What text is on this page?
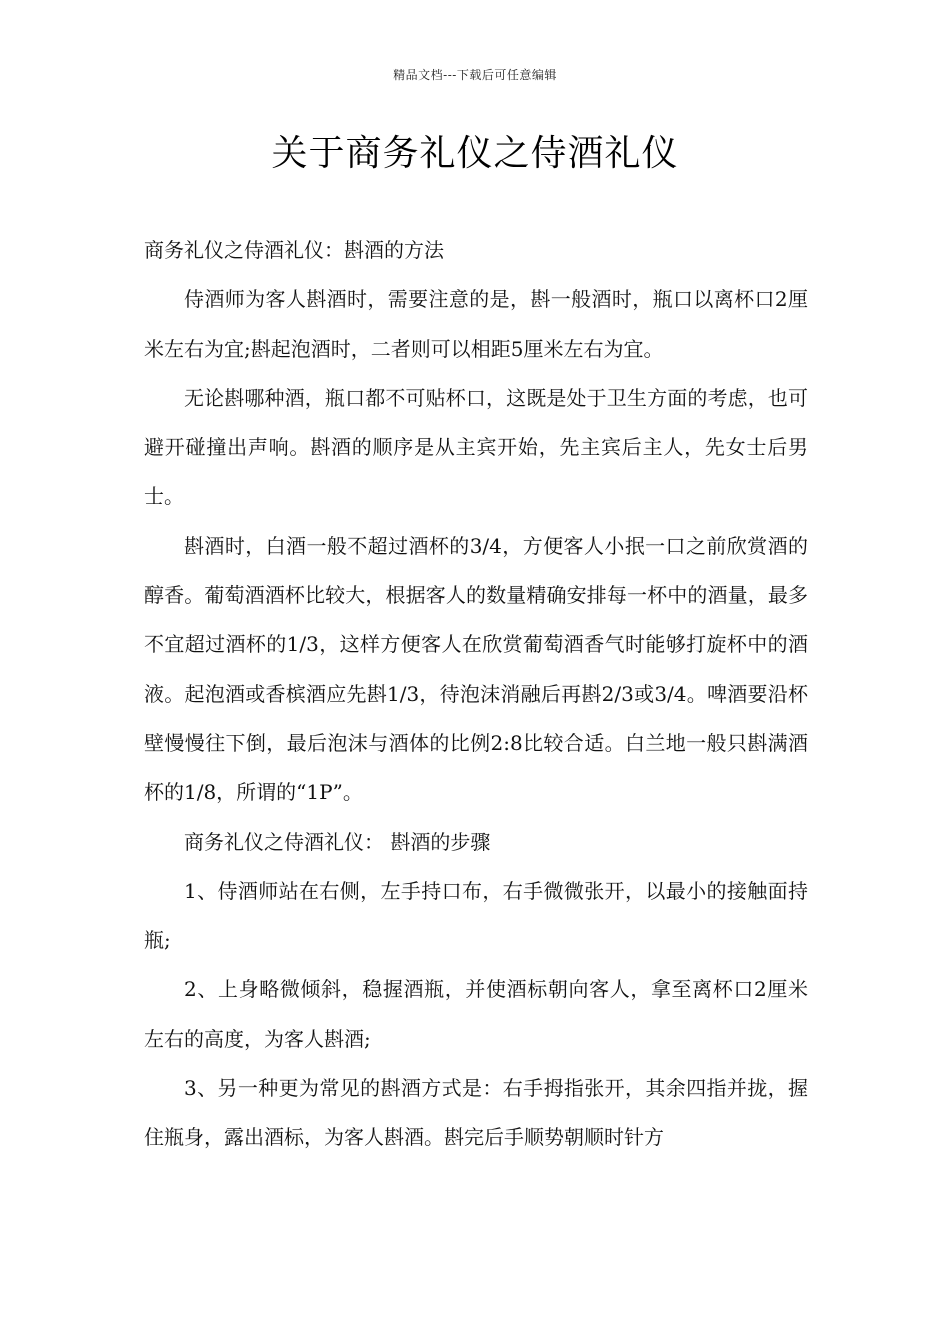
精品文档---下载后可任意编辑
关于商务礼仪之侍酒礼仪

商务礼仪之侍酒礼仪：斟酒的方法

侍酒师为客人斟酒时，需要注意的是，斟一般酒时，瓶口以离杯口2厘米左右为宜;斟起泡酒时，二者则可以相距5厘米左右为宜。

无论斟哪种酒，瓶口都不可贴杯口，这既是处于卫生方面的考虑，也可避开碰撞出声响。斟酒的顺序是从主宾开始，先主宾后主人，先女士后男士。

斟酒时，白酒一般不超过酒杯的3/4，方便客人小抿一口之前欣赏酒的醇香。葡萄酒酒杯比较大，根据客人的数量精确安排每一杯中的酒量，最多不宜超过酒杯的1/3，这样方便客人在欣赏葡萄酒香气时能够打旋杯中的酒液。起泡酒或香槟酒应先斟1/3，待泡沫消融后再斟2/3或3/4。啤酒要沿杯壁慢慢往下倒，最后泡沫与酒体的比例2:8比较合适。白兰地一般只斟满酒杯的1/8，所谓的“1P”。

商务礼仪之侍酒礼仪： 斟酒的步骤

1、侍酒师站在右侧，左手持口布，右手微微张开，以最小的接触面持瓶;

2、上身略微倾斜，稳握酒瓶，并使酒标朝向客人，拿至离杯口2厘米左右的高度，为客人斟酒;

3、另一种更为常见的斟酒方式是：右手拇指张开，其余四指并拢，握住瓶身，露出酒标，为客人斟酒。斟完后手顺势朝顺时针方
